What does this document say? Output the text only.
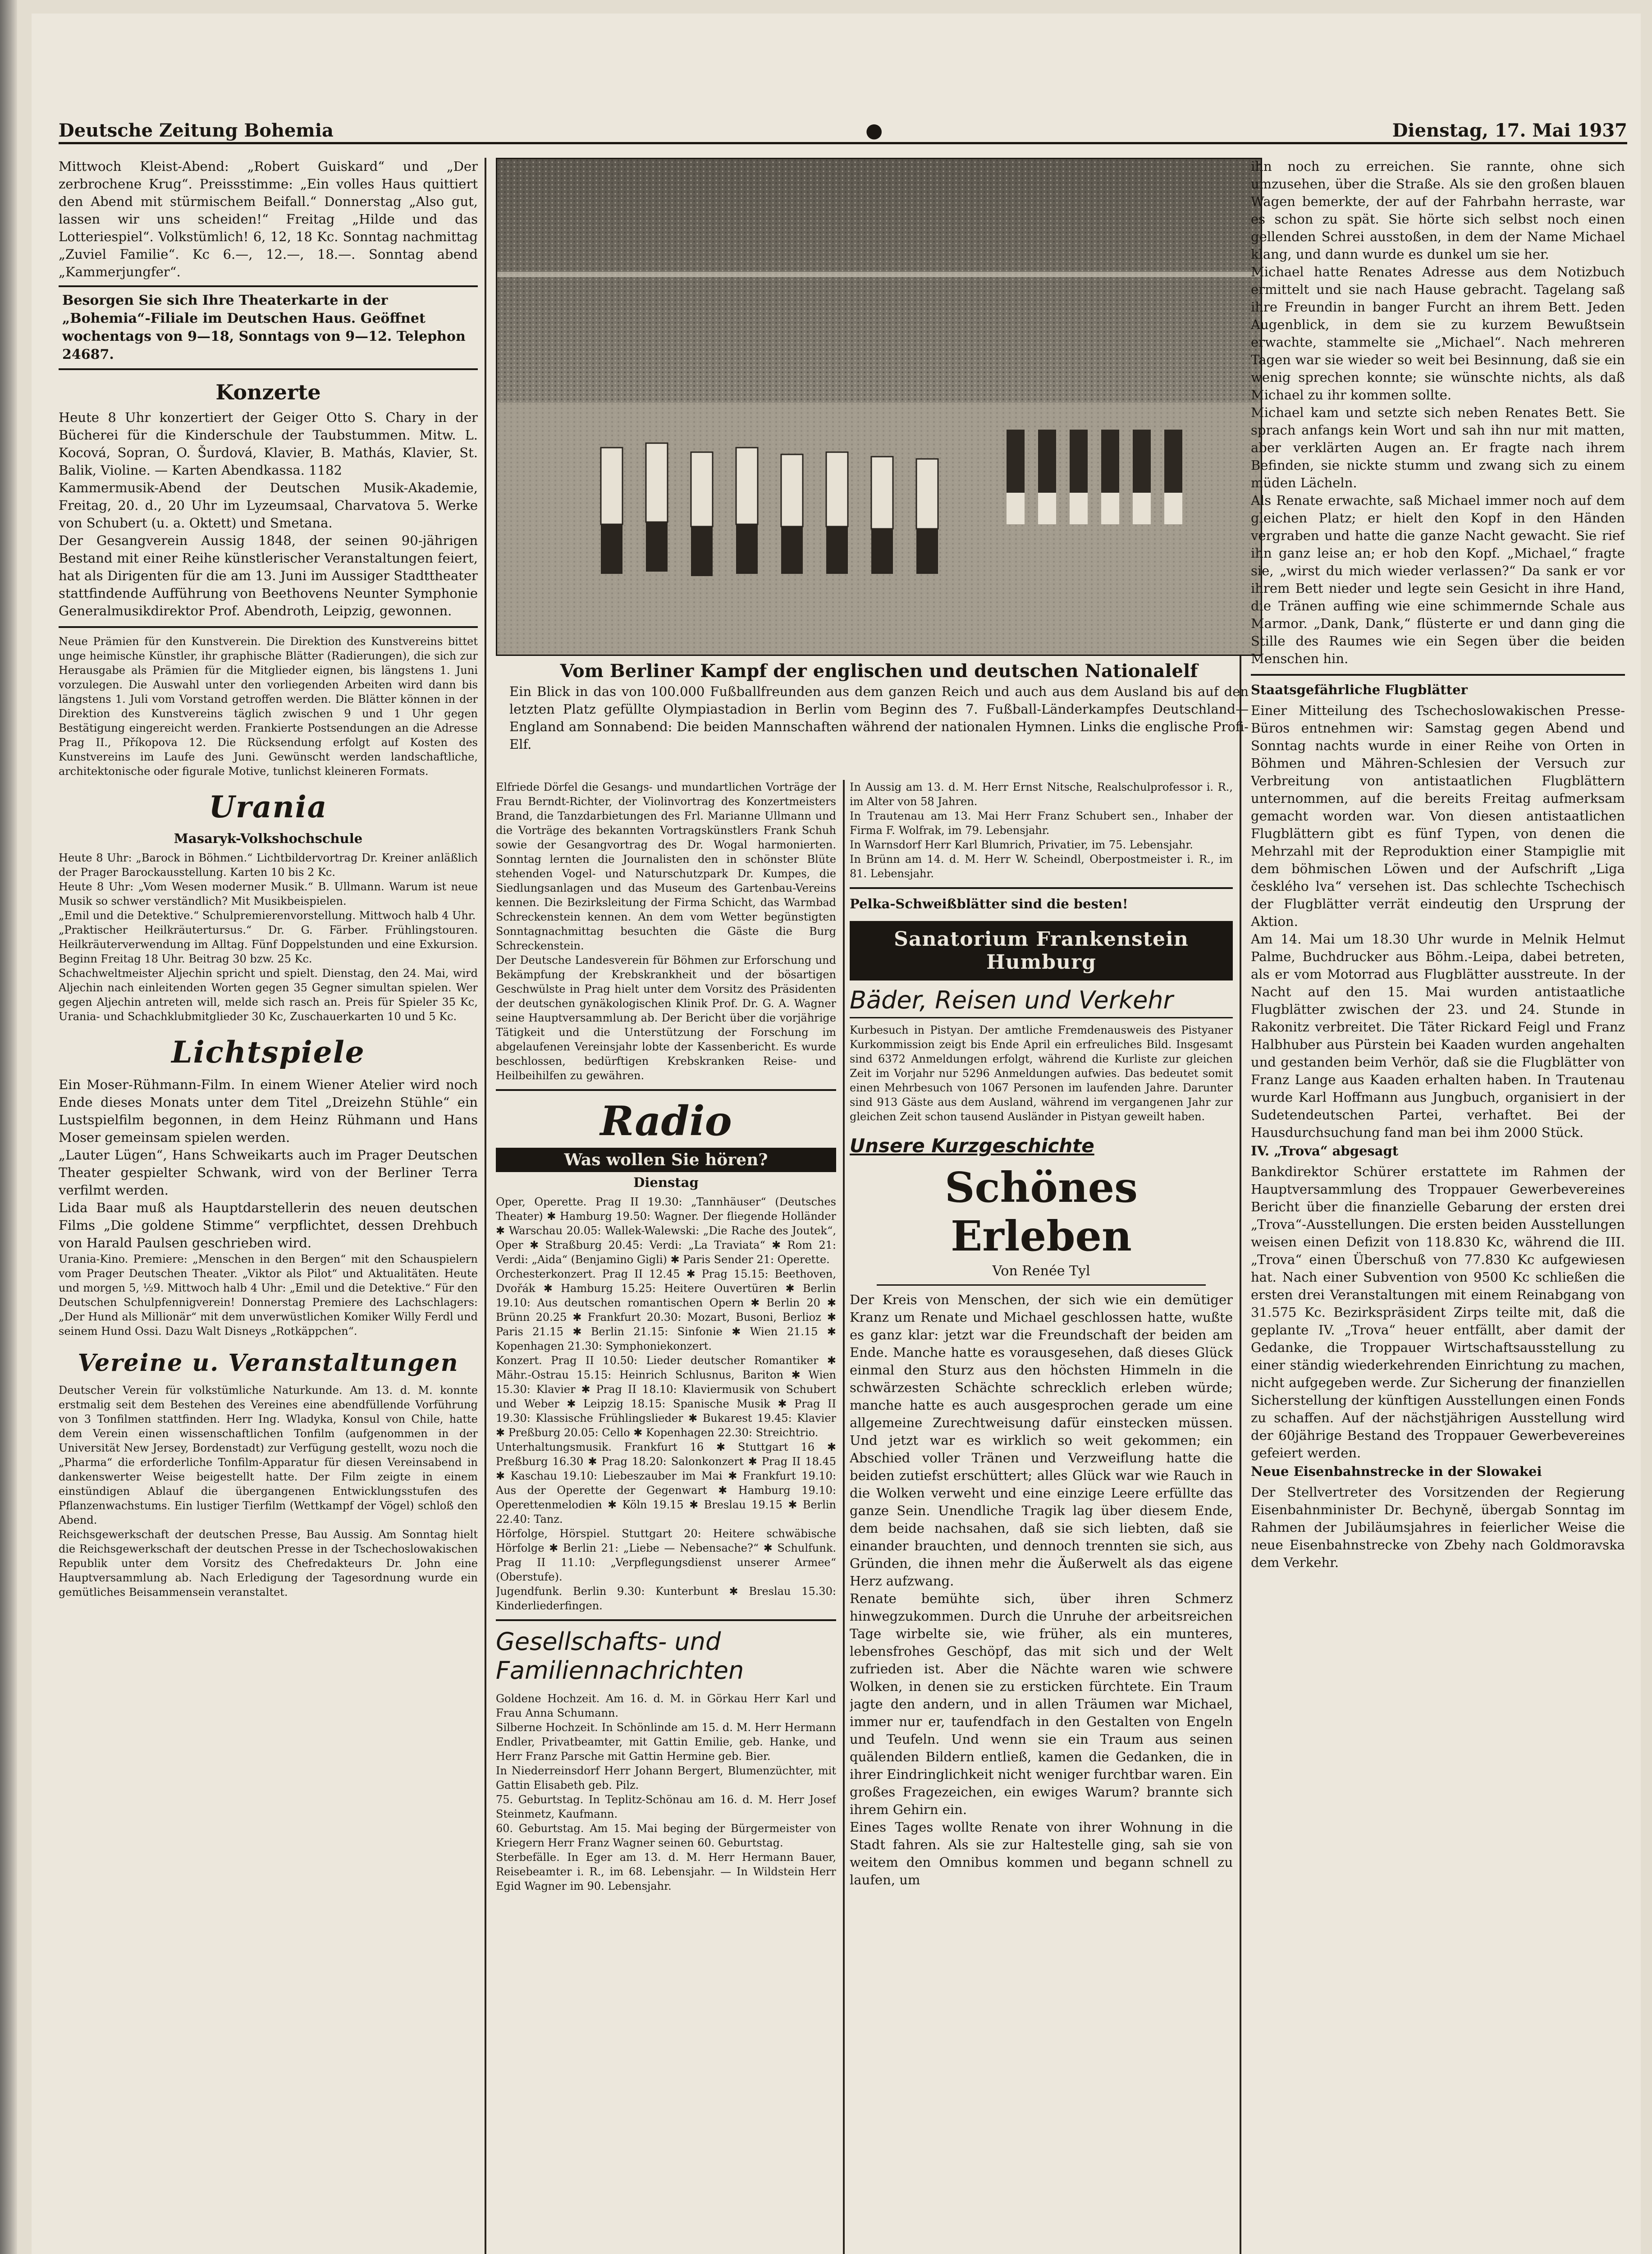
Deutsche Zeitung Bohemia	●	Dienstag, 17. Mai 1937

Mittwoch Kleist-Abend: „Robert Guiskard“ und „Der zerbrochene Krug“. Preissstimme: „Ein volles Haus quittiert den Abend mit stürmischem Beifall.“ Donnerstag „Also gut, lassen wir uns scheiden!“ Freitag „Hilde und das Lotteriespiel“. Volkstümlich! 6, 12, 18 Kc. Sonntag nachmittag „Zuviel Familie“. Kc 6.—, 12.—, 18.—. Sonntag abend „Kammerjungfer“.

Besorgen Sie sich Ihre Theaterkarte in der „Bohemia“-Filiale im Deutschen Haus. Geöffnet wochentags von 9—18, Sonntags von 9—12. Telephon 24687.
Konzerte

Heute 8 Uhr konzertiert der Geiger Otto S. Chary in der Bücherei für die Kinderschule der Taubstummen. Mitw. L. Kocová, Sopran, O. Šurdová, Klavier, B. Mathás, Klavier, St. Balik, Violine. — Karten Abendkassa. 1182

Kammermusik-Abend der Deutschen Musik-Akademie, Freitag, 20. d., 20 Uhr im Lyzeumsaal, Charvatova 5. Werke von Schubert (u. a. Oktett) und Smetana.

Der Gesangverein Aussig 1848, der seinen 90-jährigen Bestand mit einer Reihe künstlerischer Veranstaltungen feiert, hat als Dirigenten für die am 13. Juni im Aussiger Stadttheater stattfindende Aufführung von Beethovens Neunter Symphonie Generalmusikdirektor Prof. Abendroth, Leipzig, gewonnen.

Neue Prämien für den Kunstverein. Die Direktion des Kunstvereins bittet unge heimische Künstler, ihr graphische Blätter (Radierungen), die sich zur Herausgabe als Prämien für die Mitglieder eignen, bis längstens 1. Juni vorzulegen. Die Auswahl unter den vorliegenden Arbeiten wird dann bis längstens 1. Juli vom Vorstand getroffen werden. Die Blätter können in der Direktion des Kunstvereins täglich zwischen 9 und 1 Uhr gegen Bestätigung eingereicht werden. Frankierte Postsendungen an die Adresse Prag II., Příkopova 12. Die Rücksendung erfolgt auf Kosten des Kunstvereins im Laufe des Juni. Gewünscht werden landschaftliche, architektonische oder figurale Motive, tunlichst kleineren Formats.

Urania
Masaryk-Volkshochschule

Heute 8 Uhr: „Barock in Böhmen.“ Lichtbildervortrag Dr. Kreiner anläßlich der Prager Barockausstellung. Karten 10 bis 2 Kc.

Heute 8 Uhr: „Vom Wesen moderner Musik.“ B. Ullmann. Warum ist neue Musik so schwer verständlich? Mit Musikbeispielen.

„Emil und die Detektive.“ Schulpremierenvorstellung. Mittwoch halb 4 Uhr.

„Praktischer Heilkräutertursus.“ Dr. G. Färber. Frühlingstouren. Heilkräuterverwendung im Alltag. Fünf Doppelstunden und eine Exkursion. Beginn Freitag 18 Uhr. Beitrag 30 bzw. 25 Kc.

Schachweltmeister Aljechin spricht und spielt. Dienstag, den 24. Mai, wird Aljechin nach einleitenden Worten gegen 35 Gegner simultan spielen. Wer gegen Aljechin antreten will, melde sich rasch an. Preis für Spieler 35 Kc, Urania- und Schachklubmitglieder 30 Kc, Zuschauerkarten 10 und 5 Kc.

Lichtspiele

Ein Moser-Rühmann-Film. In einem Wiener Atelier wird noch Ende dieses Monats unter dem Titel „Dreizehn Stühle“ ein Lustspielfilm begonnen, in dem Heinz Rühmann und Hans Moser gemeinsam spielen werden.

„Lauter Lügen“, Hans Schweikarts auch im Prager Deutschen Theater gespielter Schwank, wird von der Berliner Terra verfilmt werden.

Lida Baar muß als Hauptdarstellerin des neuen deutschen Films „Die goldene Stimme“ verpflichtet, dessen Drehbuch von Harald Paulsen geschrieben wird.

Urania-Kino. Premiere: „Menschen in den Bergen“ mit den Schauspielern vom Prager Deutschen Theater. „Viktor als Pilot“ und Aktualitäten. Heute und morgen 5, ½9. Mittwoch halb 4 Uhr: „Emil und die Detektive.“ Für den Deutschen Schulpfennigverein! Donnerstag Premiere des Lachschlagers: „Der Hund als Millionär“ mit dem unverwüstlichen Komiker Willy Ferdl und seinem Hund Ossi. Dazu Walt Disneys „Rotkäppchen“.

Vereine u. Veranstaltungen

Deutscher Verein für volkstümliche Naturkunde. Am 13. d. M. konnte erstmalig seit dem Bestehen des Vereines eine abendfüllende Vorführung von 3 Tonfilmen stattfinden. Herr Ing. Wladyka, Konsul von Chile, hatte dem Verein einen wissenschaftlichen Tonfilm (aufgenommen in der Universität New Jersey, Bordenstadt) zur Verfügung gestellt, wozu noch die „Pharma“ die erforderliche Tonfilm-Apparatur für diesen Vereinsabend in dankenswerter Weise beigestellt hatte. Der Film zeigte in einem einstündigen Ablauf die übergangenen Entwicklungsstufen des Pflanzenwachstums. Ein lustiger Tierfilm (Wettkampf der Vögel) schloß den Abend.

Reichsgewerkschaft der deutschen Presse, Bau Aussig. Am Sonntag hielt die Reichsgewerkschaft der deutschen Presse in der Tschechoslowakischen Republik unter dem Vorsitz des Chefredakteurs Dr. John eine Hauptversammlung ab. Nach Erledigung der Tagesordnung wurde ein gemütliches Beisammensein veranstaltet.

Vom Berliner Kampf der englischen und deutschen Nationalelf
Ein Blick in das von 100.000 Fußballfreunden aus dem ganzen Reich und auch aus dem Ausland bis auf den letzten Platz gefüllte Olympiastadion in Berlin vom Beginn des 7. Fußball-Länderkampfes Deutschland—England am Sonnabend: Die beiden Mannschaften während der nationalen Hymnen. Links die englische Profi-Elf.

Elfriede Dörfel die Gesangs- und mundartlichen Vorträge der Frau Berndt-Richter, der Violinvortrag des Konzertmeisters Brand, die Tanzdarbietungen des Frl. Marianne Ullmann und die Vorträge des bekannten Vortragskünstlers Frank Schuh sowie der Gesangvortrag des Dr. Wogal harmonierten. Sonntag lernten die Journalisten den in schönster Blüte stehenden Vogel- und Naturschutzpark Dr. Kumpes, die Siedlungsanlagen und das Museum des Gartenbau-Vereins kennen. Die Bezirksleitung der Firma Schicht, das Warmbad Schreckenstein kennen. An dem vom Wetter begünstigten Sonntagnachmittag besuchten die Gäste die Burg Schreckenstein.

Der Deutsche Landesverein für Böhmen zur Erforschung und Bekämpfung der Krebskrankheit und der bösartigen Geschwülste in Prag hielt unter dem Vorsitz des Präsidenten der deutschen gynäkologischen Klinik Prof. Dr. G. A. Wagner seine Hauptversammlung ab. Der Bericht über die vorjährige Tätigkeit und die Unterstützung der Forschung im abgelaufenen Vereinsjahr lobte der Kassenbericht. Es wurde beschlossen, bedürftigen Krebskranken Reise- und Heilbeihilfen zu gewähren.

Radio
Was wollen Sie hören?
Dienstag

Oper, Operette. Prag II 19.30: „Tannhäuser“ (Deutsches Theater) ✱ Hamburg 19.50: Wagner. Der fliegende Holländer ✱ Warschau 20.05: Wallek-Walewski: „Die Rache des Joutek“, Oper ✱ Straßburg 20.45: Verdi: „La Traviata“ ✱ Rom 21: Verdi: „Aida“ (Benjamino Gigli) ✱ Paris Sender 21: Operette.

Orchesterkonzert. Prag II 12.45 ✱ Prag 15.15: Beethoven, Dvořák ✱ Hamburg 15.25: Heitere Ouvertüren ✱ Berlin 19.10: Aus deutschen romantischen Opern ✱ Berlin 20 ✱ Brünn 20.25 ✱ Frankfurt 20.30: Mozart, Busoni, Berlioz ✱ Paris 21.15 ✱ Berlin 21.15: Sinfonie ✱ Wien 21.15 ✱ Kopenhagen 21.30: Symphoniekonzert.

Konzert. Prag II 10.50: Lieder deutscher Romantiker ✱ Mähr.-Ostrau 15.15: Heinrich Schlusnus, Bariton ✱ Wien 15.30: Klavier ✱ Prag II 18.10: Klaviermusik von Schubert und Weber ✱ Leipzig 18.15: Spanische Musik ✱ Prag II 19.30: Klassische Frühlingslieder ✱ Bukarest 19.45: Klavier ✱ Preßburg 20.05: Cello ✱ Kopenhagen 22.30: Streichtrio.

Unterhaltungsmusik. Frankfurt 16 ✱ Stuttgart 16 ✱ Preßburg 16.30 ✱ Prag 18.20: Salonkonzert ✱ Prag II 18.45 ✱ Kaschau 19.10: Liebeszauber im Mai ✱ Frankfurt 19.10: Aus der Operette der Gegenwart ✱ Hamburg 19.10: Operettenmelodien ✱ Köln 19.15 ✱ Breslau 19.15 ✱ Berlin 22.40: Tanz.

Hörfolge, Hörspiel. Stuttgart 20: Heitere schwäbische Hörfolge ✱ Berlin 21: „Liebe — Nebensache?“ ✱ Schulfunk. Prag II 11.10: „Verpflegungsdienst unserer Armee“ (Oberstufe).

Jugendfunk. Berlin 9.30: Kunterbunt ✱ Breslau 15.30: Kinderliederfingen.

Gesellschafts- und Familiennachrichten

Goldene Hochzeit. Am 16. d. M. in Görkau Herr Karl und Frau Anna Schumann.

Silberne Hochzeit. In Schönlinde am 15. d. M. Herr Hermann Endler, Privatbeamter, mit Gattin Emilie, geb. Hanke, und Herr Franz Parsche mit Gattin Hermine geb. Bier.

In Niederreinsdorf Herr Johann Bergert, Blumenzüchter, mit Gattin Elisabeth geb. Pilz.

75. Geburtstag. In Teplitz-Schönau am 16. d. M. Herr Josef Steinmetz, Kaufmann.

60. Geburtstag. Am 15. Mai beging der Bürgermeister von Kriegern Herr Franz Wagner seinen 60. Geburtstag.

Sterbefälle. In Eger am 13. d. M. Herr Hermann Bauer, Reisebeamter i. R., im 68. Lebensjahr. — In Wildstein Herr Egid Wagner im 90. Lebensjahr.

In Aussig am 13. d. M. Herr Ernst Nitsche, Realschulprofessor i. R., im Alter von 58 Jahren.

In Trautenau am 13. Mai Herr Franz Schubert sen., Inhaber der Firma F. Wolfrak, im 79. Lebensjahr.

In Warnsdorf Herr Karl Blumrich, Privatier, im 75. Lebensjahr.

In Brünn am 14. d. M. Herr W. Scheindl, Oberpostmeister i. R., im 81. Lebensjahr.

Pelka-Schweißblätter sind die besten!

Sanatorium Frankenstein Humburg
Bäder, Reisen und Verkehr

Kurbesuch in Pistyan. Der amtliche Fremdenausweis des Pistyaner Kurkommission zeigt bis Ende April ein erfreuliches Bild. Insgesamt sind 6372 Anmeldungen erfolgt, während die Kurliste zur gleichen Zeit im Vorjahr nur 5296 Anmeldungen aufwies. Das bedeutet somit einen Mehrbesuch von 1067 Personen im laufenden Jahre. Darunter sind 913 Gäste aus dem Ausland, während im vergangenen Jahr zur gleichen Zeit schon tausend Ausländer in Pistyan geweilt haben.

Unsere Kurzgeschichte
Schönes Erleben
Von Renée Tyl

Der Kreis von Menschen, der sich wie ein demütiger Kranz um Renate und Michael geschlossen hatte, wußte es ganz klar: jetzt war die Freundschaft der beiden am Ende. Manche hatte es vorausgesehen, daß dieses Glück einmal den Sturz aus den höchsten Himmeln in die schwärzesten Schächte schrecklich erleben würde; manche hatte es auch ausgesprochen gerade um eine allgemeine Zurechtweisung dafür einstecken müssen. Und jetzt war es wirklich so weit gekommen; ein Abschied voller Tränen und Verzweiflung hatte die beiden zutiefst erschüttert; alles Glück war wie Rauch in die Wolken verweht und eine einzige Leere erfüllte das ganze Sein. Unendliche Tragik lag über diesem Ende, dem beide nachsahen, daß sie sich liebten, daß sie einander brauchten, und dennoch trennten sie sich, aus Gründen, die ihnen mehr die Äußerwelt als das eigene Herz aufzwang.

Renate bemühte sich, über ihren Schmerz hinwegzukommen. Durch die Unruhe der arbeitsreichen Tage wirbelte sie, wie früher, als ein munteres, lebensfrohes Geschöpf, das mit sich und der Welt zufrieden ist. Aber die Nächte waren wie schwere Wolken, in denen sie zu ersticken fürchtete. Ein Traum jagte den andern, und in allen Träumen war Michael, immer nur er, taufendfach in den Gestalten von Engeln und Teufeln. Und wenn sie ein Traum aus seinen quälenden Bildern entließ, kamen die Gedanken, die in ihrer Eindringlichkeit nicht weniger furchtbar waren. Ein großes Fragezeichen, ein ewiges Warum? brannte sich ihrem Gehirn ein.

Eines Tages wollte Renate von ihrer Wohnung in die Stadt fahren. Als sie zur Haltestelle ging, sah sie von weitem den Omnibus kommen und begann schnell zu laufen, um

ihn noch zu erreichen. Sie rannte, ohne sich umzusehen, über die Straße. Als sie den großen blauen Wagen bemerkte, der auf der Fahrbahn herraste, war es schon zu spät. Sie hörte sich selbst noch einen gellenden Schrei ausstoßen, in dem der Name Michael klang, und dann wurde es dunkel um sie her.

Michael hatte Renates Adresse aus dem Notizbuch ermittelt und sie nach Hause gebracht. Tagelang saß ihre Freundin in banger Furcht an ihrem Bett. Jeden Augenblick, in dem sie zu kurzem Bewußtsein erwachte, stammelte sie „Michael“. Nach mehreren Tagen war sie wieder so weit bei Besinnung, daß sie ein wenig sprechen konnte; sie wünschte nichts, als daß Michael zu ihr kommen sollte.

Michael kam und setzte sich neben Renates Bett. Sie sprach anfangs kein Wort und sah ihn nur mit matten, aber verklärten Augen an. Er fragte nach ihrem Befinden, sie nickte stumm und zwang sich zu einem müden Lächeln.

Als Renate erwachte, saß Michael immer noch auf dem gleichen Platz; er hielt den Kopf in den Händen vergraben und hatte die ganze Nacht gewacht. Sie rief ihn ganz leise an; er hob den Kopf. „Michael,“ fragte sie, „wirst du mich wieder verlassen?“ Da sank er vor ihrem Bett nieder und legte sein Gesicht in ihre Hand, die Tränen auffing wie eine schimmernde Schale aus Marmor. „Dank, Dank,“ flüsterte er und dann ging die Stille des Raumes wie ein Segen über die beiden Menschen hin.

Staatsgefährliche Flugblätter

Einer Mitteilung des Tschechoslowakischen Presse-Büros entnehmen wir: Samstag gegen Abend und Sonntag nachts wurde in einer Reihe von Orten in Böhmen und Mähren-Schlesien der Versuch zur Verbreitung von antistaatlichen Flugblättern unternommen, auf die bereits Freitag aufmerksam gemacht worden war. Von diesen antistaatlichen Flugblättern gibt es fünf Typen, von denen die Mehrzahl mit der Reproduktion einer Stampiglie mit dem böhmischen Löwen und der Aufschrift „Liga česklého lva“ versehen ist. Das schlechte Tschechisch der Flugblätter verrät eindeutig den Ursprung der Aktion.

Am 14. Mai um 18.30 Uhr wurde in Melnik Helmut Palme, Buchdrucker aus Böhm.-Leipa, dabei betreten, als er vom Motorrad aus Flugblätter ausstreute. In der Nacht auf den 15. Mai wurden antistaatliche Flugblätter zwischen der 23. und 24. Stunde in Rakonitz verbreitet. Die Täter Rickard Feigl und Franz Halbhuber aus Pürstein bei Kaaden wurden angehalten und gestanden beim Verhör, daß sie die Flugblätter von Franz Lange aus Kaaden erhalten haben. In Trautenau wurde Karl Hoffmann aus Jungbuch, organisiert in der Sudetendeutschen Partei, verhaftet. Bei der Hausdurchsuchung fand man bei ihm 2000 Stück.

IV. „Trova“ abgesagt

Bankdirektor Schürer erstattete im Rahmen der Hauptversammlung des Troppauer Gewerbevereines Bericht über die finanzielle Gebarung der ersten drei „Trova“-Ausstellungen. Die ersten beiden Ausstellungen weisen einen Defizit von 118.830 Kc, während die III. „Trova“ einen Überschuß von 77.830 Kc aufgewiesen hat. Nach einer Subvention von 9500 Kc schließen die ersten drei Veranstaltungen mit einem Reinabgang von 31.575 Kc. Bezirkspräsident Zirps teilte mit, daß die geplante IV. „Trova“ heuer entfällt, aber damit der Gedanke, die Troppauer Wirtschaftsausstellung zu einer ständig wiederkehrenden Einrichtung zu machen, nicht aufgegeben werde. Zur Sicherung der finanziellen Sicherstellung der künftigen Ausstellungen einen Fonds zu schaffen. Auf der nächstjährigen Ausstellung wird der 60jährige Bestand des Troppauer Gewerbevereines gefeiert werden.

Neue Eisenbahnstrecke in der Slowakei

Der Stellvertreter des Vorsitzenden der Regierung Eisenbahnminister Dr. Bechyně, übergab Sonntag im Rahmen der Jubiläumsjahres in feierlicher Weise die neue Eisenbahnstrecke von Zbehy nach Goldmoravska dem Verkehr.
